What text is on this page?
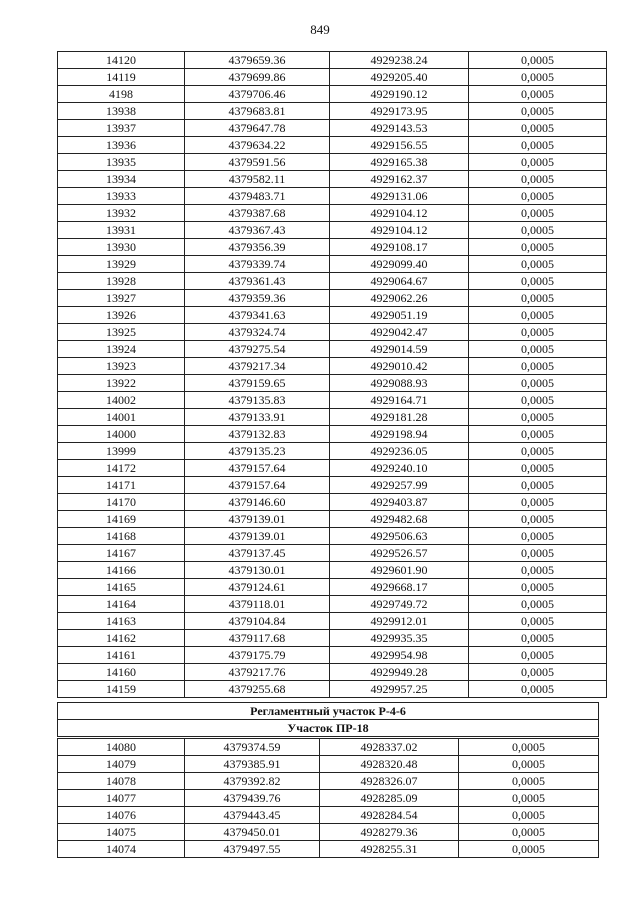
849
14120	4379659.36	4929238.24	0,0005
14119	4379699.86	4929205.40	0,0005
4198	4379706.46	4929190.12	0,0005
13938	4379683.81	4929173.95	0,0005
13937	4379647.78	4929143.53	0,0005
13936	4379634.22	4929156.55	0,0005
13935	4379591.56	4929165.38	0,0005
13934	4379582.11	4929162.37	0,0005
13933	4379483.71	4929131.06	0,0005
13932	4379387.68	4929104.12	0,0005
13931	4379367.43	4929104.12	0,0005
13930	4379356.39	4929108.17	0,0005
13929	4379339.74	4929099.40	0,0005
13928	4379361.43	4929064.67	0,0005
13927	4379359.36	4929062.26	0,0005
13926	4379341.63	4929051.19	0,0005
13925	4379324.74	4929042.47	0,0005
13924	4379275.54	4929014.59	0,0005
13923	4379217.34	4929010.42	0,0005
13922	4379159.65	4929088.93	0,0005
14002	4379135.83	4929164.71	0,0005
14001	4379133.91	4929181.28	0,0005
14000	4379132.83	4929198.94	0,0005
13999	4379135.23	4929236.05	0,0005
14172	4379157.64	4929240.10	0,0005
14171	4379157.64	4929257.99	0,0005
14170	4379146.60	4929403.87	0,0005
14169	4379139.01	4929482.68	0,0005
14168	4379139.01	4929506.63	0,0005
14167	4379137.45	4929526.57	0,0005
14166	4379130.01	4929601.90	0,0005
14165	4379124.61	4929668.17	0,0005
14164	4379118.01	4929749.72	0,0005
14163	4379104.84	4929912.01	0,0005
14162	4379117.68	4929935.35	0,0005
14161	4379175.79	4929954.98	0,0005
14160	4379217.76	4929949.28	0,0005
14159	4379255.68	4929957.25	0,0005
Регламентный участок Р-4-6
Участок ПР-18
14080	4379374.59	4928337.02	0,0005
14079	4379385.91	4928320.48	0,0005
14078	4379392.82	4928326.07	0,0005
14077	4379439.76	4928285.09	0,0005
14076	4379443.45	4928284.54	0,0005
14075	4379450.01	4928279.36	0,0005
14074	4379497.55	4928255.31	0,0005
